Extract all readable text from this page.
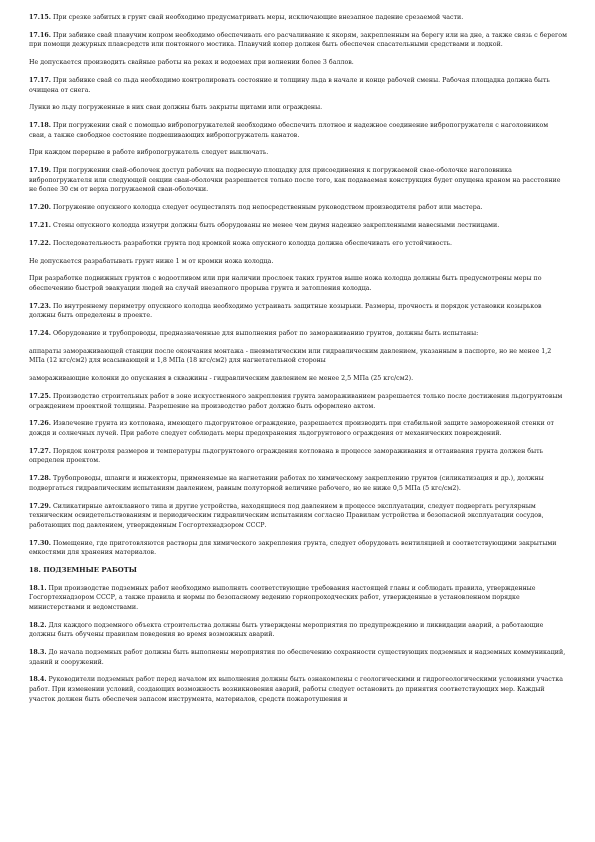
17.15. При срезке забитых в грунт свай необходимо предусматривать меры, исключающие внезапное падение срезаемой части.

17.16. При забивке свай плавучим копром необходимо обеспечивать его расчаливание к якорям, закрепленным на берегу или на дне, а также связь с берегом при помощи дежурных плавсредств или понтонного мостика. Плавучий копер должен быть обеспечен спасательными средствами и лодкой.

Не допускается производить свайные работы на реках и водоемах при волнении более 3 баллов.

17.17. При забивке свай со льда необходимо контролировать состояние и толщину льда в начале и конце рабочей смены. Рабочая площадка должна быть очищена от снега.

Лунки во льду погруженные в них сваи должны быть закрыты щитами или ограждены.

17.18. При погружении свай с помощью вибропогружателей необходимо обеспечить плотное и надежное соединение вибропогружателя с наголовником сваи, а также свободное состояние подвешивающих вибропогружатель канатов.

При каждом перерыве в работе вибропогружатель следует выключать.

17.19. При погружении свай-оболочек доступ рабочих на подвесную площадку для присоединения к погружаемой свае-оболочке наголовника вибропогружателя или следующей секции сваи-оболочки разрешается только после того, как подаваемая конструкция будет опущена краном на расстояние не более 30 см от верха погружаемой сваи-оболочки.

17.20. Погружение опускного колодца следует осуществлять под непосредственным руководством производителя работ или мастера.

17.21. Стены опускного колодца изнутри должны быть оборудованы не менее чем двумя надежно закрепленными навесными лестницами.

17.22. Последовательность разработки грунта под кромкой ножа опускного колодца должна обеспечивать его устойчивость.

Не допускается разрабатывать грунт ниже 1 м от кромки ножа колодца.

При разработке подвижных грунтов с водоотливом или при наличии прослоек таких грунтов выше ножа колодца должны быть предусмотрены меры по обеспечению быстрой эвакуации людей на случай внезапного прорыва грунта и затопления колодца.

17.23. По внутреннему периметру опускного колодца необходимо устраивать защитные козырьки. Размеры, прочность и порядок установки козырьков должны быть определены в проекте.

17.24. Оборудование и трубопроводы, предназначенные для выполнения работ по замораживанию грунтов, должны быть испытаны:

аппараты замораживающей станции после окончания монтажа - пневматическим или гидравлическим давлением, указанным в паспорте, но не менее 1,2 МПа (12 кгс/см2) для всасывающей и 1,8 МПа (18 кгс/см2) для нагнетательной стороны

замораживающие колонки до опускания в скважины - гидравлическим давлением не менее 2,5 МПа (25 кгс/см2).

17.25. Производство строительных работ в зоне искусственного закрепления грунта замораживанием разрешается только после достижения льдогрунтовым ограждением проектной толщины. Разрешение на производство работ должно быть оформлено актом.

17.26. Извлечение грунта из котлована, имеющего льдогрунтовое ограждение, разрешается производить при стабильной защите замороженной стенки от дождя и солнечных лучей. При работе следует соблюдать меры предохранения льдогрунтового ограждения от механических повреждений.

17.27. Порядок контроля размеров и температуры льдогрунтового ограждения котлована в процессе замораживания и оттаивания грунта должен быть определен проектом.

17.28. Трубопроводы, шланги и инжекторы, применяемые на нагнетании работах по химическому закреплению грунтов (силикатизация и др.), должны подвергаться гидравлическим испытаниям давлением, равным полуторной величине рабочего, но не ниже 0,5 МПа (5 кгс/см2).

17.29. Силикатирные автоклавного типа и другие устройства, находящиеся под давлением в процессе эксплуатации, следует подвергать регулярным техническим освидетельствованиям и периодическим гидравлическим испытаниям согласно Правилам устройства и безопасной эксплуатации сосудов, работающих под давлением, утвержденным Госгортехнадзором СССР.

17.30. Помещение, где приготовляются растворы для химического закрепления грунта, следует оборудовать вентиляцией и соответствующими закрытыми емкостями для хранения материалов.

18. ПОДЗЕМНЫЕ РАБОТЫ

18.1. При производстве подземных работ необходимо выполнять соответствующие требования настоящей главы и соблюдать правила, утвержденные Госгортехнадзором СССР, а также правила и нормы по безопасному ведению горнопроходческих работ, утвержденные в установленном порядке министерствами и ведомствами.

18.2. Для каждого подземного объекта строительства должны быть утверждены мероприятия по предупреждению и ликвидации аварий, а работающие должны быть обучены правилам поведения во время возможных аварий.

18.3. До начала подземных работ должны быть выполнены мероприятия по обеспечению сохранности существующих подземных и надземных коммуникаций, зданий и сооружений.

18.4. Руководители подземных работ перед началом их выполнения должны быть ознакомлены с геологическими и гидрогеологическими условиями участка работ. При изменении условий, создающих возможность возникновения аварий, работы следует остановить до принятия соответствующих мер. Каждый участок должен быть обеспечен запасом инструмента, материалов, средств пожаротушения и
